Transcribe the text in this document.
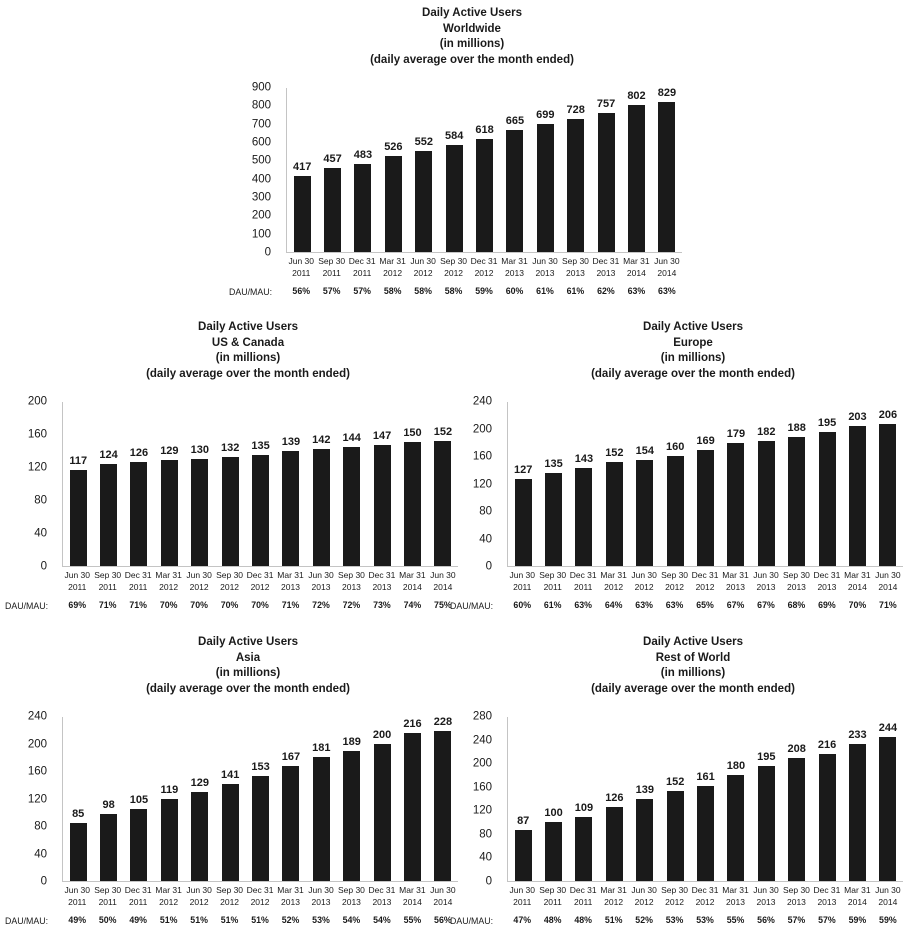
Daily Active Users
Worldwide
(in millions)
(daily average over the month ended)
0
100
200
300
400
500
600
700
800
900
417
457 483
526 552 584
618
665
699 728 757
802 829
Jun 30
2011
Sep 30
2011
Dec 31
2011
Mar 31
2012
Jun 30
2012
Sep 30
2012
Dec 31
2012
Mar 31
2013
Jun 30
2013
Sep 30
2013
Dec 31
2013
Mar 31
2014
Jun 30
2014
DAU/MAU:	56%	57%	57%	58%	58%	58%	59%	60%	61%	61%	62%	63%	63%
Daily Active Users
US & Canada
(in millions)
(daily average over the month ended)
0
40
80
120
160
200
117 124 126 129 130 132 135 139 142 144 147 150 152
Jun 30
2011
Sep 30
2011
Dec 31
2011
Mar 31
2012
Jun 30
2012
Sep 30
2012
Dec 31
2012
Mar 31
2013
Jun 30
2013
Sep 30
2013
Dec 31
2013
Mar 31
2014
Jun 30
2014
DAU/MAU:	69%	71%	71%	70%	70%	70%	70%	71%	72%	72%	73%	74%	75%
Daily Active Users
Europe
(in millions)
(daily average over the month ended)
0
40
80
120
160
200
240
127 135 143
152 154 160
169
179 182 188 195 203 206
Jun 30
2011
Sep 30
2011
Dec 31
2011
Mar 31
2012
Jun 30
2012
Sep 30
2012
Dec 31
2012
Mar 31
2013
Jun 30
2013
Sep 30
2013
Dec 31
2013
Mar 31
2014
Jun 30
2014
DAU/MAU:	60%	61%	63%	64%	63%	63%	65%	67%	67%	68%	69%	70%	71%
Daily Active Users
Asia
(in millions)
(daily average over the month ended)
0
40
80
120
160
200
240
85
98 105
119
129
141
153
167
181 189
200
216 228
Jun 30
2011
Sep 30
2011
Dec 31
2011
Mar 31
2012
Jun 30
2012
Sep 30
2012
Dec 31
2012
Mar 31
2013
Jun 30
2013
Sep 30
2013
Dec 31
2013
Mar 31
2014
Jun 30
2014
DAU/MAU:	49%	50%	49%	51%	51%	51%	51%	52%	53%	54%	54%	55%	56%
Daily Active Users
Rest of World
(in millions)
(daily average over the month ended)
0
40
80
120
160
200
240
280
87
100 109
126
139
152 161
180
195
208 216
233
244
Jun 30
2011
Sep 30
2011
Dec 31
2011
Mar 31
2012
Jun 30
2012
Sep 30
2012
Dec 31
2012
Mar 31
2013
Jun 30
2013
Sep 30
2013
Dec 31
2013
Mar 31
2014
Jun 30
2014
DAU/MAU:	47%	48%	48%	51%	52%	53%	53%	55%	56%	57%	57%	59%	59%
